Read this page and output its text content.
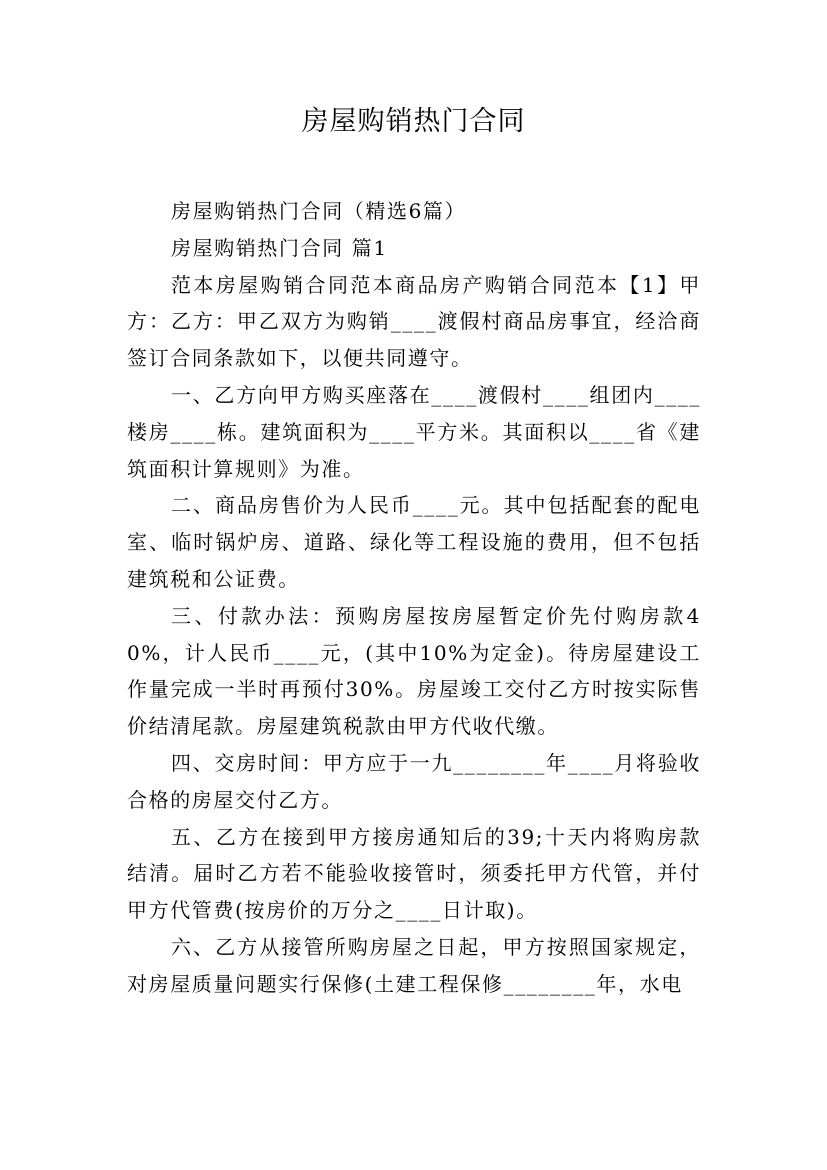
房屋购销热门合同

房屋购销热门合同（精选6篇）

房屋购销热门合同 篇1

范本房屋购销合同范本商品房产购销合同范本【1】甲方：乙方：甲乙双方为购销____渡假村商品房事宜，经洽商签订合同条款如下，以便共同遵守。

一、乙方向甲方购买座落在____渡假村____组团内____楼房____栋。建筑面积为____平方米。其面积以____省《建筑面积计算规则》为准。

二、商品房售价为人民币____元。其中包括配套的配电室、临时锅炉房、道路、绿化等工程设施的费用，但不包括建筑税和公证费。

三、付款办法：预购房屋按房屋暂定价先付购房款40%，计人民币____元，(其中10%为定金)。待房屋建设工作量完成一半时再预付30%。房屋竣工交付乙方时按实际售价结清尾款。房屋建筑税款由甲方代收代缴。

四、交房时间：甲方应于一九________年____月将验收合格的房屋交付乙方。

五、乙方在接到甲方接房通知后的39;十天内将购房款结清。届时乙方若不能验收接管时，须委托甲方代管，并付甲方代管费(按房价的万分之____日计取)。

六、乙方从接管所购房屋之日起，甲方按照国家规定，对房屋质量问题实行保修(土建工程保修________年，水电
